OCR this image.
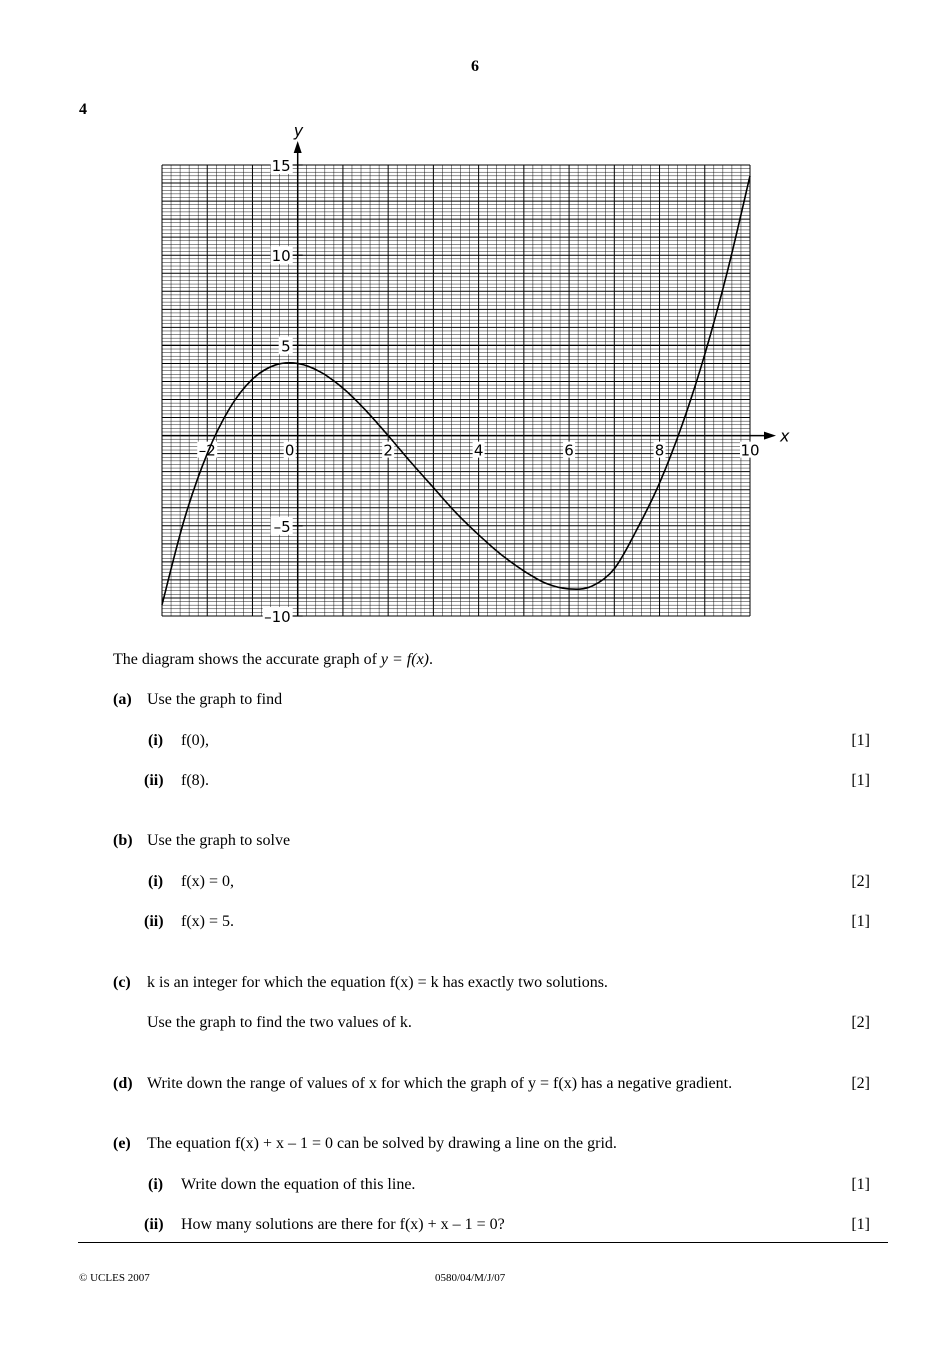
6
4
x
y
–2	0	2	4	6	8	10
–10
–5
5
10
15
The diagram shows the accurate graph of y = f(x).
(a) Use the graph to find
(i) f(0),	[1]
(ii) f(8).	[1]
(b) Use the graph to solve
(i) f(x) = 0,	[2]
(ii) f(x) = 5.	[1]
(c) k is an integer for which the equation f(x) = k has exactly two solutions.
Use the graph to find the two values of k.	[2]
(d) Write down the range of values of x for which the graph of y = f(x) has a negative gradient.	[2]
(e) The equation f(x) + x – 1 = 0 can be solved by drawing a line on the grid.
(i) Write down the equation of this line.	[1]
(ii) How many solutions are there for f(x) + x – 1 = 0?	[1]
© UCLES 2007	0580/04/M/J/07
